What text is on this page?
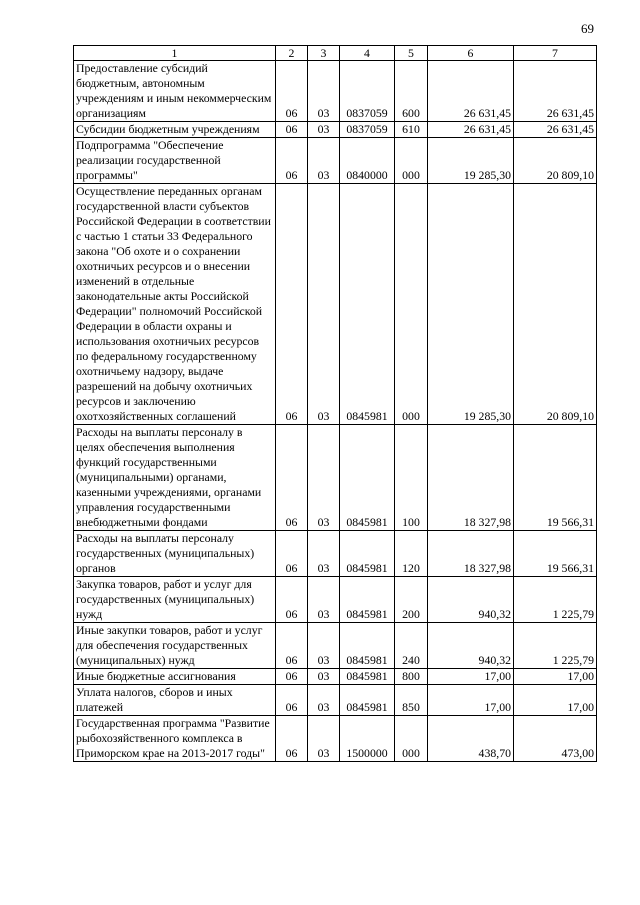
69
1	2	3	4	5	6	7
Предоставление субсидий бюджетным, автономным учреждениям и иным некоммерческим организациям	06	03	0837059	600	26 631,45	26 631,45
Субсидии бюджетным учреждениям	06	03	0837059	610	26 631,45	26 631,45
Подпрограмма "Обеспечение реализации государственной программы"	06	03	0840000	000	19 285,30	20 809,10
Осуществление переданных органам государственной власти субъектов Российской Федерации в соответствии с частью 1 статьи 33 Федерального закона "Об охоте и о сохранении охотничьих ресурсов и о внесении изменений в отдельные законодательные акты Российской Федерации" полномочий Российской Федерации в области охраны и использования охотничьих ресурсов по федеральному государственному охотничьему надзору, выдаче разрешений на добычу охотничьих ресурсов и заключению охотхозяйственных соглашений	06	03	0845981	000	19 285,30	20 809,10
Расходы на выплаты персоналу в целях обеспечения выполнения функций государственными (муниципальными) органами, казенными учреждениями, органами управления государственными внебюджетными фондами	06	03	0845981	100	18 327,98	19 566,31
Расходы на выплаты персоналу государственных (муниципальных) органов	06	03	0845981	120	18 327,98	19 566,31
Закупка товаров, работ и услуг для государственных (муниципальных) нужд	06	03	0845981	200	940,32	1 225,79
Иные закупки товаров, работ и услуг для обеспечения государственных (муниципальных) нужд	06	03	0845981	240	940,32	1 225,79
Иные бюджетные ассигнования	06	03	0845981	800	17,00	17,00
Уплата налогов, сборов и иных платежей	06	03	0845981	850	17,00	17,00
Государственная программа "Развитие рыбохозяйственного комплекса в Приморском крае на 2013-2017 годы"	06	03	1500000	000	438,70	473,00
